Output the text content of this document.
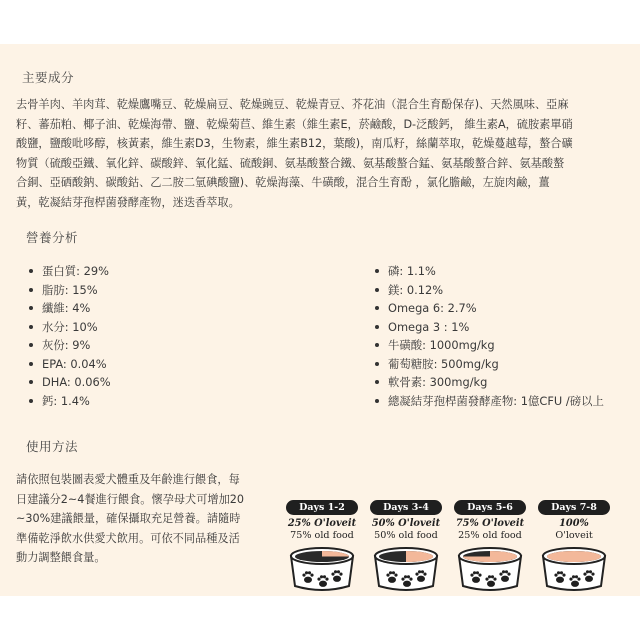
主要成分
去骨羊肉、羊肉茸、乾燥鷹嘴豆、乾燥扁豆、乾燥豌豆、乾燥青豆、芥花油（混合生育酚保存)、天然風味、亞麻
籽、蕃茄粕、椰子油、乾燥海帶、鹽、乾燥菊苣、維生素（維生素E，菸鹼酸，D-泛酸鈣， 維生素A，硫胺素單硝
酸鹽，鹽酸吡哆醇，核黃素，維生素D3，生物素，維生素B12，葉酸)，南瓜籽，絲蘭萃取，乾燥蔓越莓，螯合礦
物質（硫酸亞鐵、氧化鋅、碳酸鋅、氧化錳、硫酸銅、氨基酸螯合鐵、氨基酸螯合錳、氨基酸螯合鋅、氨基酸螯
合銅、亞硒酸鈉、碳酸鈷、乙二胺二氫碘酸鹽)、乾燥海藻、牛磺酸，混合生育酚 ，氯化膽鹼，左旋肉鹼，薑
黃，乾凝結芽孢桿菌發酵產物，迷迭香萃取。
營養分析
蛋白質: 29%
脂肪: 15%
纖維: 4%
水分: 10%
灰份: 9%
EPA: 0.04%
DHA: 0.06%
鈣: 1.4%
磷: 1.1%
鎂: 0.12%
Omega 6: 2.7%
Omega 3 : 1%
牛磺酸: 1000mg/kg
葡萄糖胺: 500mg/kg
軟骨素: 300mg/kg
總凝結芽孢桿菌發酵產物: 1億CFU /磅以上
使用方法
請依照包裝圖表愛犬體重及年齡進行餵食，每
日建議分2~4餐進行餵食。懷孕母犬可增加20
~30%建議餵量，確保攝取充足營養。請隨時
準備乾淨飲水供愛犬飲用。可依不同品種及活
動力調整餵食量。
Days 1-2
25% O'loveit
75% old food
Days 3-4
50% O'loveit
50% old food
Days 5-6
75% O'loveit
25% old food
Days 7-8
100%
O'loveit
